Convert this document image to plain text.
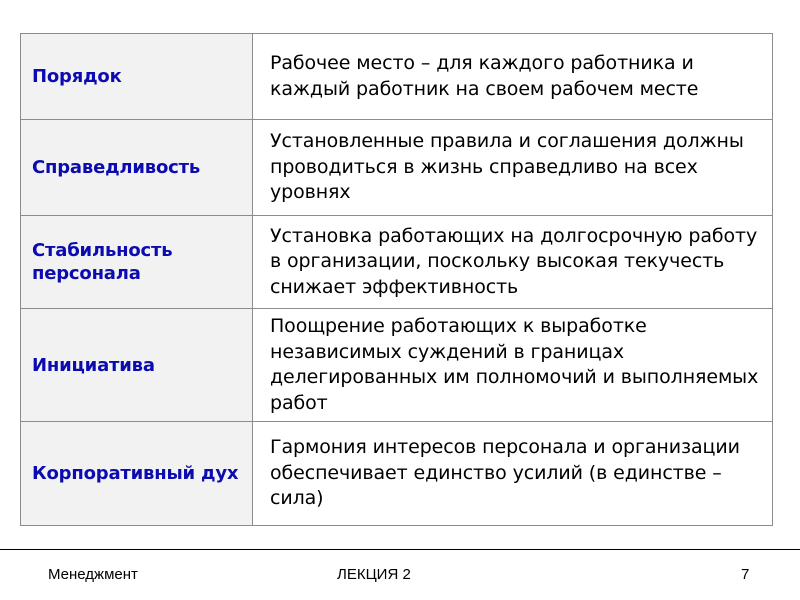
Порядок	Рабочее место – для каждого работника и каждый работник на своем рабочем месте
Справедливость	Установленные правила и соглашения должны проводиться в жизнь справедливо на всех уровнях
Стабильность персонала	Установка работающих на долгосрочную работу в организации, поскольку высокая текучесть снижает эффективность
Инициатива	Поощрение работающих к выработке независимых суждений в границах делегированных им полномочий и выполняемых работ
Корпоративный дух	Гармония интересов персонала и организации обеспечивает единство усилий (в единстве – сила)
Менеджмент	ЛЕКЦИЯ 2	7
